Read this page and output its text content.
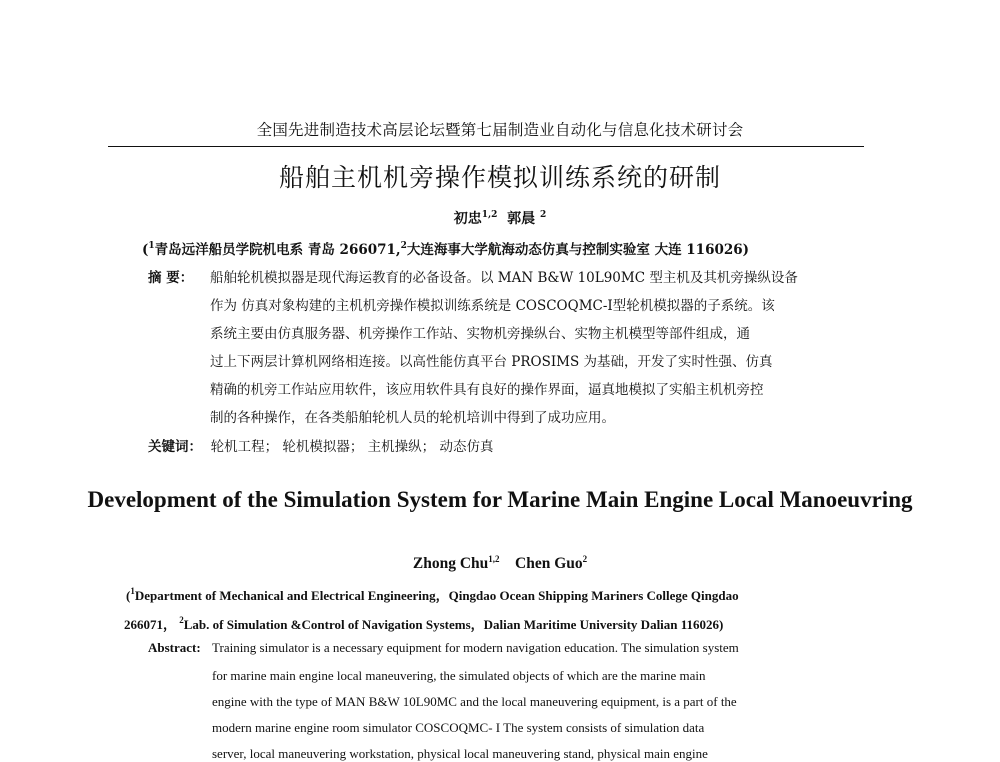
全国先进制造技术高层论坛暨第七届制造业自动化与信息化技术研讨会
船舶主机机旁操作模拟训练系统的研制
初忠$^{1,2}$ 郭晨 $^2$
($^1$青岛远洋船员学院机电系 青岛 266071,$^2$大连海事大学航海动态仿真与控制实验室 大连 116026)
摘 要： 船舶轮机模拟器是现代海运教育的必备设备。以 MAN B&W 10L90MC 型主机及其机旁操纵设备
作为 仿真对象构建的主机机旁操作模拟训练系统是 COSCOQMC-Ⅰ型轮机模拟器的子系统。该
系统主要由仿真服务器、机旁操作工作站、实物机旁操纵台、实物主机模型等部件组成，通
过上下两层计算机网络相连接。以高性能仿真平台 PROSIMS 为基础，开发了实时性强、仿真
精确的机旁工作站应用软件，该应用软件具有良好的操作界面，逼真地模拟了实船主机机旁控
制的各种操作，在各类船舶轮机人员的轮机培训中得到了成功应用。
关键词： 轮机工程； 轮机模拟器； 主机操纵； 动态仿真
Development of the Simulation System for Marine Main Engine Local Manoeuvring
Zhong Chu$^{1,2}$ Chen Guo$^2$
($^1$Department of Mechanical and Electrical Engineering，Qingdao Ocean Shipping Mariners College Qingdao
266071， $^2$Lab. of Simulation &Control of Navigation Systems，Dalian Maritime University Dalian 116026)
Abstract: Training simulator is a necessary equipment for modern navigation education. The simulation system
for marine main engine local maneuvering, the simulated objects of which are the marine main
engine with the type of MAN B&W 10L90MC and the local maneuvering equipment, is a part of the
modern marine engine room simulator COSCOQMC- I The system consists of simulation data
server, local maneuvering workstation, physical local maneuvering stand, physical main engine
